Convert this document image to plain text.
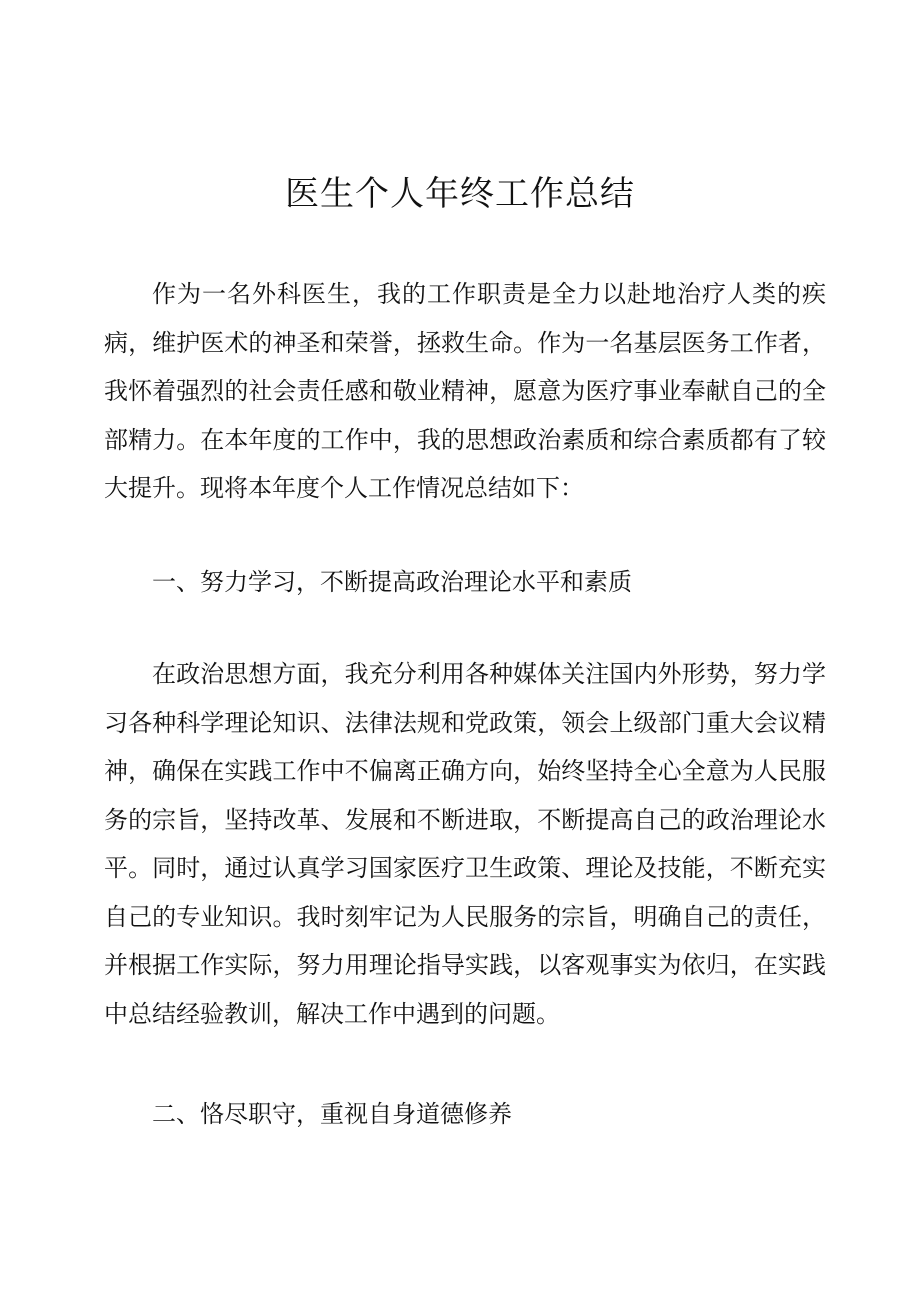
医生个人年终工作总结

作为一名外科医生，我的工作职责是全力以赴地治疗人类的疾病，维护医术的神圣和荣誉，拯救生命。作为一名基层医务工作者，我怀着强烈的社会责任感和敬业精神，愿意为医疗事业奉献自己的全部精力。在本年度的工作中，我的思想政治素质和综合素质都有了较大提升。现将本年度个人工作情况总结如下：

一、努力学习，不断提高政治理论水平和素质

在政治思想方面，我充分利用各种媒体关注国内外形势，努力学习各种科学理论知识、法律法规和党政策，领会上级部门重大会议精神，确保在实践工作中不偏离正确方向，始终坚持全心全意为人民服务的宗旨，坚持改革、发展和不断进取，不断提高自己的政治理论水平。同时，通过认真学习国家医疗卫生政策、理论及技能，不断充实自己的专业知识。我时刻牢记为人民服务的宗旨，明确自己的责任，并根据工作实际，努力用理论指导实践，以客观事实为依归，在实践中总结经验教训，解决工作中遇到的问题。

二、恪尽职守，重视自身道德修养
